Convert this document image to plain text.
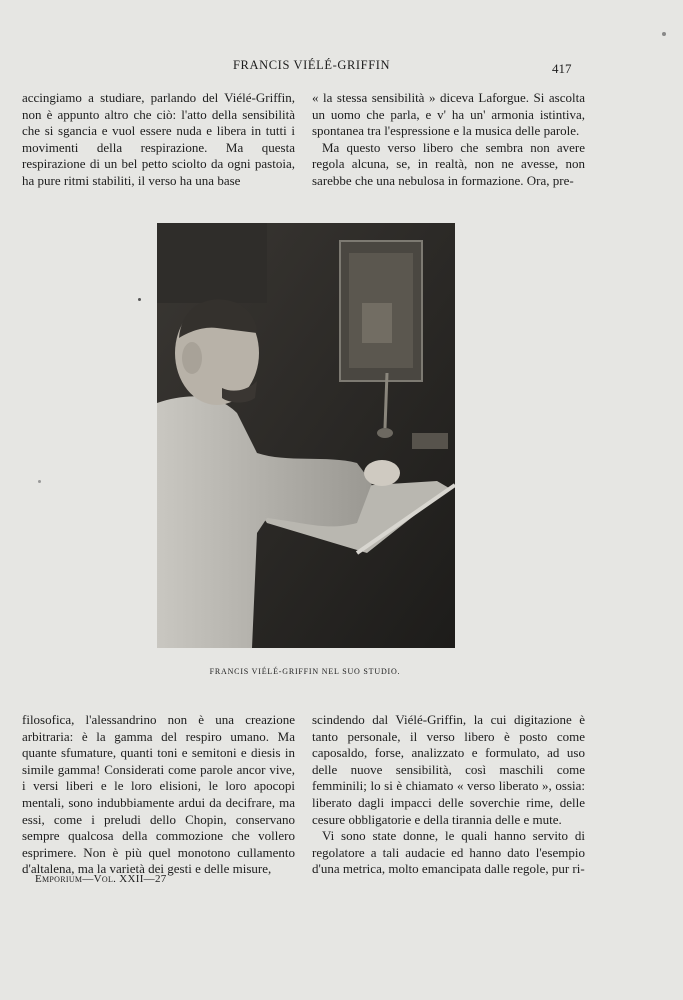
FRANCIS VIÉLÉ-GRIFFIN	417

accingiamo a studiare, parlando del Viélé-Griffin, non è appunto altro che ciò: l'atto della sensibilità che si sgancia e vuol essere nuda e libera in tutti i movimenti della respirazione. Ma questa respirazione di un bel petto sciolto da ogni pastoia, ha pure ritmi stabiliti, il verso ha una base

« la stessa sensibilità » diceva Laforgue. Si ascolta un uomo che parla, e v' ha un' armonia istintiva, spontanea tra l'espressione e la musica delle parole.

Ma questo verso libero che sembra non avere regola alcuna, se, in realtà, non ne avesse, non sarebbe che una nebulosa in formazione. Ora, pre-

FRANCIS VIÉLÉ-GRIFFIN NEL SUO STUDIO.

filosofica, l'alessandrino non è una creazione arbitraria: è la gamma del respiro umano. Ma quante sfumature, quanti toni e semitoni e diesis in simile gamma! Considerati come parole ancor vive, i versi liberi e le loro elisioni, le loro apocopi mentali, sono indubbiamente ardui da decifrare, ma essi, come i preludi dello Chopin, conservano sempre qualcosa della commozione che vollero esprimere. Non è più quel monotono cullamento d'altalena, ma la varietà dei gesti e delle misure,

scindendo dal Viélé-Griffin, la cui digitazione è tanto personale, il verso libero è posto come caposaldo, forse, analizzato e formulato, ad uso delle nuove sensibilità, così maschili come femminili; lo si è chiamato « verso liberato », ossia: liberato dagli impacci delle soverchie rime, delle cesure obbligatorie e della tirannia delle e mute.

Vi sono state donne, le quali hanno servito di regolatore a tali audacie ed hanno dato l'esempio d'una metrica, molto emancipata dalle regole, pur ri-

Emporium—Vol. XXII—27
